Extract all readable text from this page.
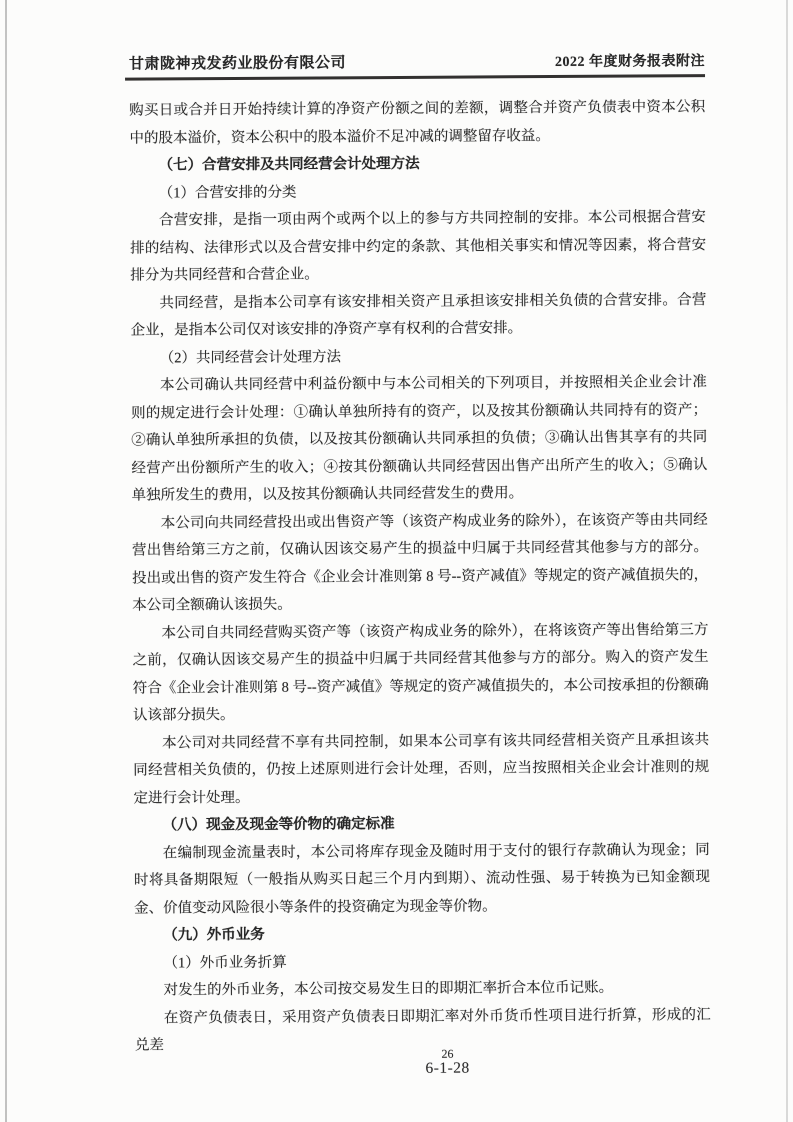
甘肃陇神戎发药业股份有限公司	2022 年度财务报表附注

购买日或合并日开始持续计算的净资产份额之间的差额，调整合并资产负债表中资本公积中的股本溢价，资本公积中的股本溢价不足冲减的调整留存收益。

（七）合营安排及共同经营会计处理方法

（1）合营安排的分类

合营安排，是指一项由两个或两个以上的参与方共同控制的安排。本公司根据合营安排的结构、法律形式以及合营安排中约定的条款、其他相关事实和情况等因素，将合营安排分为共同经营和合营企业。

共同经营，是指本公司享有该安排相关资产且承担该安排相关负债的合营安排。合营企业，是指本公司仅对该安排的净资产享有权利的合营安排。

（2）共同经营会计处理方法

本公司确认共同经营中利益份额中与本公司相关的下列项目，并按照相关企业会计准则的规定进行会计处理：①确认单独所持有的资产，以及按其份额确认共同持有的资产；②确认单独所承担的负债，以及按其份额确认共同承担的负债；③确认出售其享有的共同经营产出份额所产生的收入；④按其份额确认共同经营因出售产出所产生的收入；⑤确认单独所发生的费用，以及按其份额确认共同经营发生的费用。

本公司向共同经营投出或出售资产等（该资产构成业务的除外），在该资产等由共同经营出售给第三方之前，仅确认因该交易产生的损益中归属于共同经营其他参与方的部分。投出或出售的资产发生符合《企业会计准则第 8 号--资产减值》等规定的资产减值损失的，本公司全额确认该损失。

本公司自共同经营购买资产等（该资产构成业务的除外），在将该资产等出售给第三方之前，仅确认因该交易产生的损益中归属于共同经营其他参与方的部分。购入的资产发生符合《企业会计准则第 8 号--资产减值》等规定的资产减值损失的，本公司按承担的份额确认该部分损失。

本公司对共同经营不享有共同控制，如果本公司享有该共同经营相关资产且承担该共同经营相关负债的，仍按上述原则进行会计处理，否则，应当按照相关企业会计准则的规定进行会计处理。

（八）现金及现金等价物的确定标准

在编制现金流量表时，本公司将库存现金及随时用于支付的银行存款确认为现金；同时将具备期限短（一般指从购买日起三个月内到期）、流动性强、易于转换为已知金额现金、价值变动风险很小等条件的投资确定为现金等价物。

（九）外币业务

（1）外币业务折算

对发生的外币业务，本公司按交易发生日的即期汇率折合本位币记账。

在资产负债表日，采用资产负债表日即期汇率对外币货币性项目进行折算，形成的汇兑差

26
6-1-28
